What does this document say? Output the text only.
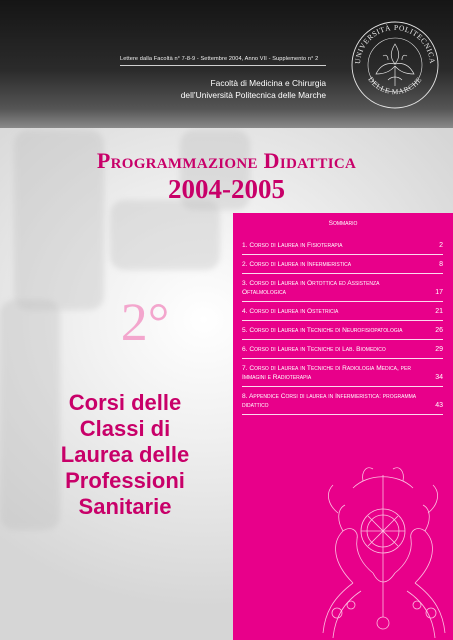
Lettere dalla Facoltà n° 7-8-9 - Settembre 2004, Anno VII - Supplemento n° 2
Facoltà di Medicina e Chirurgia
dell’Università Politecnica delle Marche
UNIVERSITÀ POLITECNICA
DELLE MARCHE
Programmazione Didattica
2004-2005
2°
Corsi delle
Classi di
Laurea delle
Professioni
Sanitarie
Sommario
1. Corso di Laurea in Fisioterapia	2
2. Corso di Laurea in Infermieristica	8
3. Corso di Laurea in Ortottica ed Assistenza Oftalmologica	17
4. Corso di Laurea in Ostetricia	21
5. Corso di Laurea in Tecniche di Neurofisiopatologia	26
6. Corso di Laurea in Tecniche di Lab. Biomedico	29
7. Corso di Laurea in Tecniche di Radiologia Medica, per Immagini e Radioterapia	34
8. Appendice Corsi di laurea in Infermieristica: programma didattico	43
